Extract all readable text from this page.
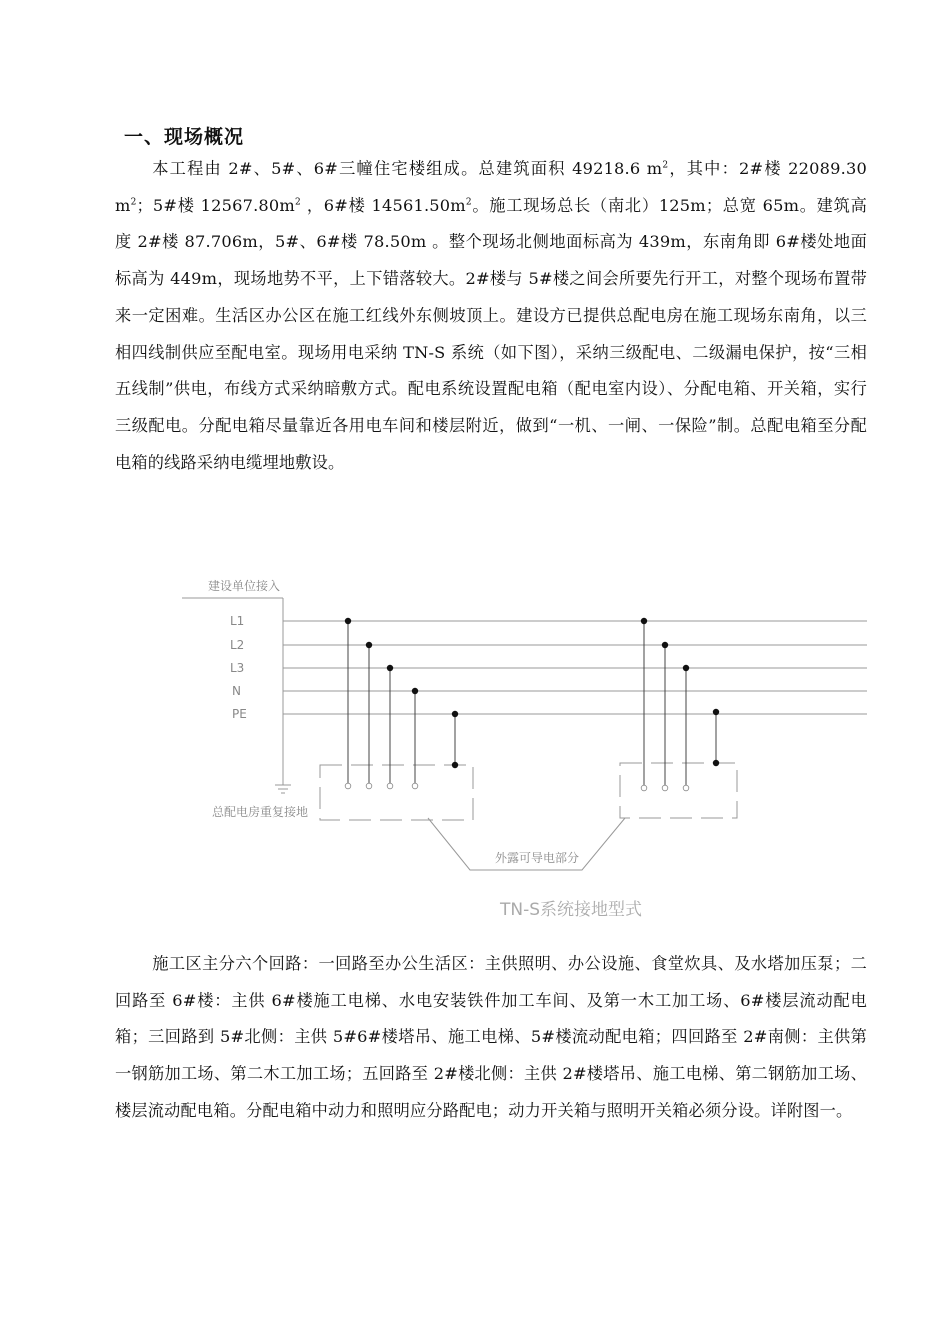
一、现场概况

本工程由 2#、5#、6#三幢住宅楼组成。总建筑面积 49218.6 $m^2$，其中：2#楼 22089.30 $m^2$；5#楼 $12567.80m^2$ ，6#楼 $14561.50m^2$。施工现场总长（南北）125m；总宽 65m。建筑高度 2#楼 87.706m，5#、6#楼 78.50m 。整个现场北侧地面标高为 439m，东南角即 6#楼处地面标高为 449m，现场地势不平，上下错落较大。2#楼与 5#楼之间会所要先行开工，对整个现场布置带来一定困难。生活区办公区在施工红线外东侧坡顶上。建设方已提供总配电房在施工现场东南角，以三相四线制供应至配电室。现场用电采纳 TN-S 系统（如下图），采纳三级配电、二级漏电保护，按“三相五线制”供电，布线方式采纳暗敷方式。配电系统设置配电箱（配电室内设）、分配电箱、开关箱，实行三级配电。分配电箱尽量靠近各用电车间和楼层附近，做到“一机、一闸、一保险”制。总配电箱至分配电箱的线路采纳电缆埋地敷设。

建设单位接入
L1
L2
L3
N
PE
总配电房重复接地
外露可导电部分
TN-S系统接地型式

施工区主分六个回路：一回路至办公生活区：主供照明、办公设施、食堂炊具、及水塔加压泵；二回路至 6#楼：主供 6#楼施工电梯、水电安装铁件加工车间、及第一木工加工场、6#楼层流动配电箱；三回路到 5#北侧：主供 5#6#楼塔吊、施工电梯、5#楼流动配电箱；四回路至 2#南侧：主供第一钢筋加工场、第二木工加工场；五回路至 2#楼北侧：主供 2#楼塔吊、施工电梯、第二钢筋加工场、楼层流动配电箱。分配电箱中动力和照明应分路配电；动力开关箱与照明开关箱必须分设。详附图一。
